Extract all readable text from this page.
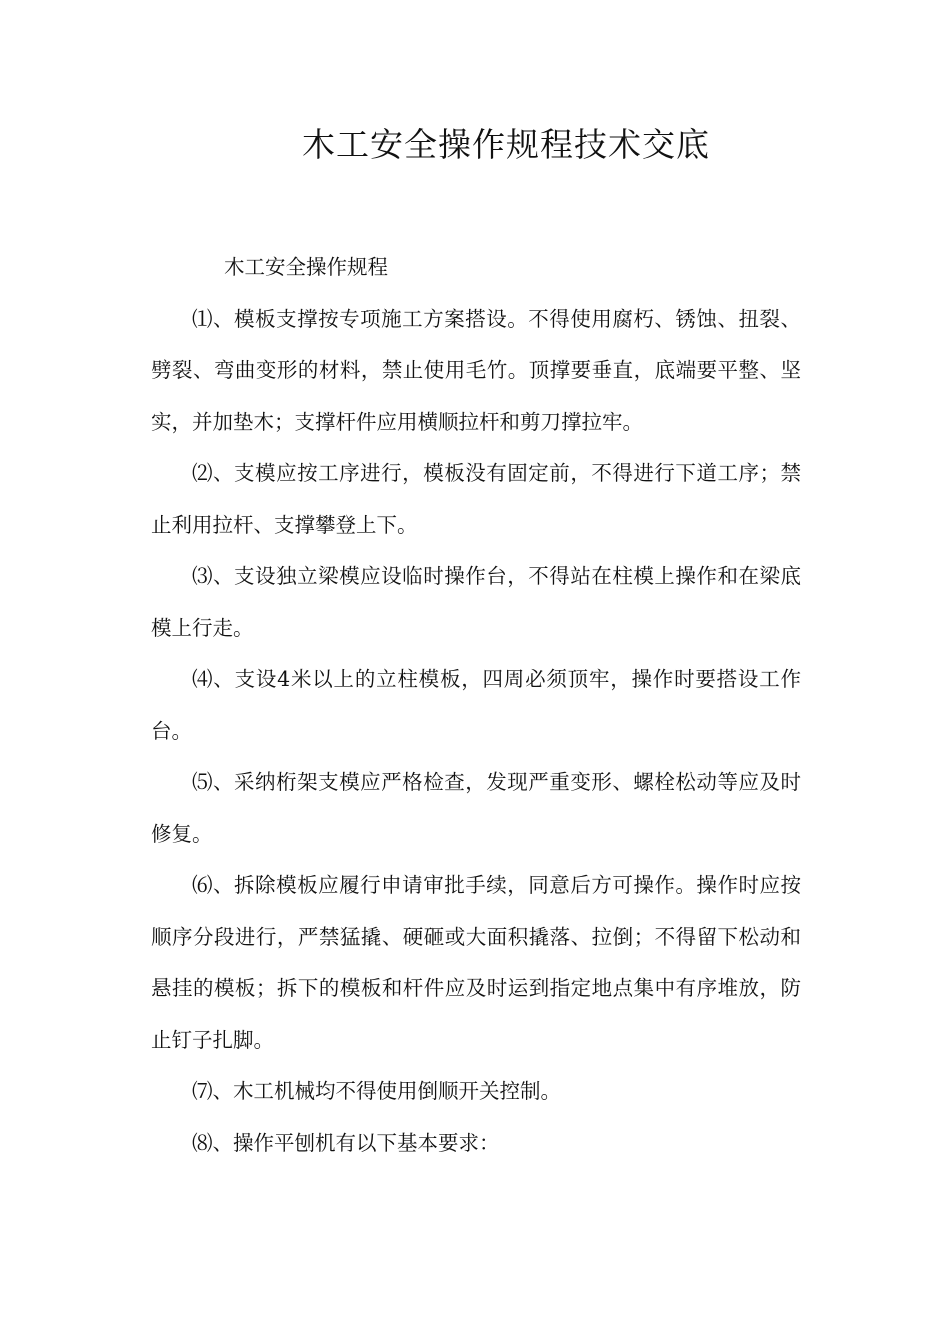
木工安全操作规程技术交底

木工安全操作规程

⑴、模板支撑按专项施工方案搭设。不得使用腐朽、锈蚀、扭裂、劈裂、弯曲变形的材料，禁止使用毛竹。顶撑要垂直，底端要平整、坚实，并加垫木；支撑杆件应用横顺拉杆和剪刀撑拉牢。

⑵、支模应按工序进行，模板没有固定前，不得进行下道工序；禁止利用拉杆、支撑攀登上下。

⑶、支设独立梁模应设临时操作台，不得站在柱模上操作和在梁底模上行走。

⑷、支设4米以上的立柱模板，四周必须顶牢，操作时要搭设工作台。

⑸、采纳桁架支模应严格检查，发现严重变形、螺栓松动等应及时修复。

⑹、拆除模板应履行申请审批手续，同意后方可操作。操作时应按顺序分段进行，严禁猛撬、硬砸或大面积撬落、拉倒；不得留下松动和悬挂的模板；拆下的模板和杆件应及时运到指定地点集中有序堆放，防止钉子扎脚。

⑺、木工机械均不得使用倒顺开关控制。

⑻、操作平刨机有以下基本要求：
